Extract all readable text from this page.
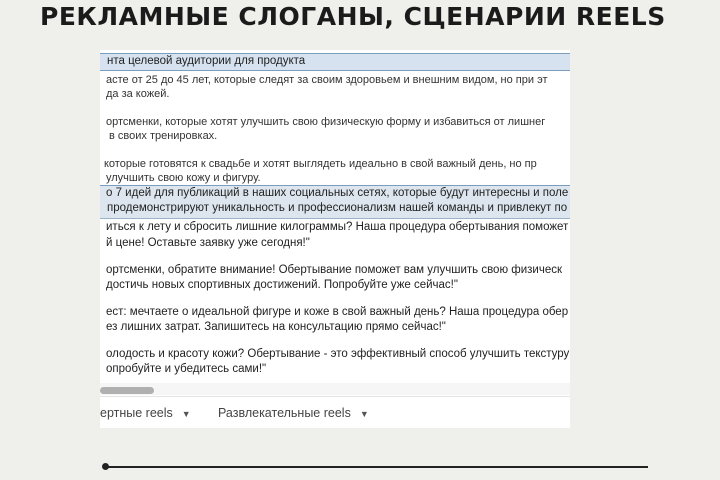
РЕКЛАМНЫЕ СЛОГАНЫ, СЦЕНАРИИ REELS
нта целевой аудитории для продукта
асте от 25 до 45 лет, которые следят за своим здоровьем и внешним видом, но при эт
да за кожей.
ортсменки, которые хотят улучшить свою физическую форму и избавиться от лишнег
в своих тренировках.
которые готовятся к свадьбе и хотят выглядеть идеально в свой важный день, но пр
улучшить свою кожу и фигуру.
о 7 идей для публикаций в наших социальных сетях, которые будут интересны и поле
продемонстрируют уникальность и профессионализм нашей команды и привлекут по
иться к лету и сбросить лишние килограммы? Наша процедура обертывания поможет
й цене! Оставьте заявку уже сегодня!"
ортсменки, обратите внимание! Обертывание поможет вам улучшить свою физическ
достичь новых спортивных достижений. Попробуйте уже сейчас!"
ест: мечтаете о идеальной фигуре и коже в свой важный день? Наша процедура обер
ез лишних затрат. Запишитесь на консультацию прямо сейчас!"
олодость и красоту кожи? Обертывание - это эффективный способ улучшить текстуру
опробуйте и убедитесь сами!"
ертные reels ▼ Развлекательные reels ▼
